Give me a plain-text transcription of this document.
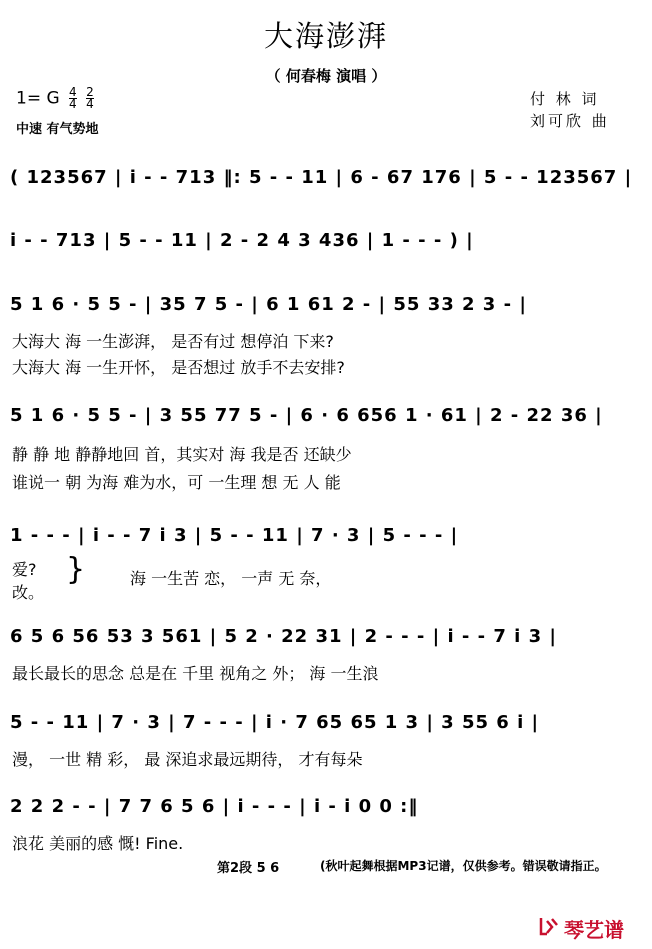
大海澎湃
（ 何春梅 演唱 ）
1= G $\frac{4}{4}$
$\frac{2}{4}$
中速 有气势地
付 林 词
刘可欣 曲
( 123567 | i - - 713 ‖: 5 - - 11 | 6 - 67 176 | 5 - - 123567 |
i - - 713 | 5 - - 11 | 2 - 2 4 3 436 | 1 - - - ) |
5 1 6 · 5 5 - | 35 7 5 - | 6 1 61 2 - | 55 33 2 3 - |
大海大 海 一生澎湃， 是否有过 想停泊 下来?
大海大 海 一生开怀， 是否想过 放手不去安排?
5 1 6 · 5 5 - | 3 55 77 5 - | 6 · 6 656 1 · 61 | 2 - 22 36 |
静 静 地 静静地回 首，其实对 海 我是否 还缺少
谁说一 朝 为海 难为水，可 一生理 想 无 人 能
1 - - - | i - - 7 i 3 | 5 - - 11 | 7 · 3 | 5 - - - |
爱?
改。
}	海 一生苦 恋， 一声 无 奈，
6 5 6 56 53 3 561 | 5 2 · 22 31 | 2 - - - | i - - 7 i 3 |
最长最长的思念 总是在 千里 视角之 外； 海 一生浪
5 - - 11 | 7 · 3 | 7 - - - | i · 7 65 65 1 3 | 3 55 6 i |
漫， 一世 精 彩， 最 深追求最远期待， 才有每朵
2 2 2 - - | 7 7 6 5 6 | i - - - | i - i 0 0 :‖
浪花 美丽的感 慨! Fine.
第2段 5 6	(秋叶起舞根据MP3记谱，仅供参考。错误敬请指正。
琴艺谱
